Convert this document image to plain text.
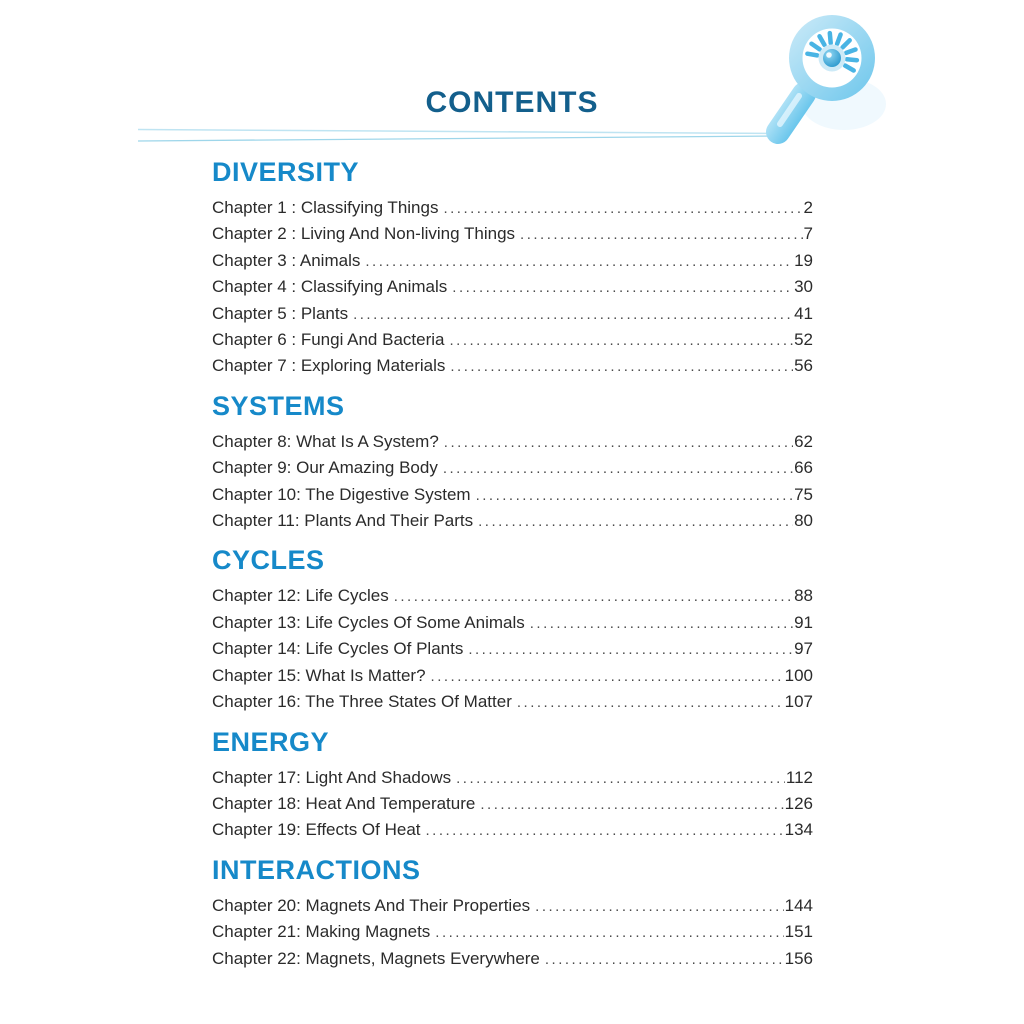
CONTENTS
DIVERSITY
Chapter 1 : Classifying Things .....	2
Chapter 2 : Living And Non-living Things .....	7
Chapter 3 : Animals .....	19
Chapter 4 : Classifying Animals .....	30
Chapter 5 : Plants .....	41
Chapter 6 : Fungi And Bacteria .....	52
Chapter 7 : Exploring Materials .....	56
SYSTEMS
Chapter 8: What Is A System? .....	62
Chapter 9: Our Amazing Body .....	66
Chapter 10: The Digestive System .....	75
Chapter 11: Plants And Their Parts .....	80
CYCLES
Chapter 12: Life Cycles .....	88
Chapter 13: Life Cycles Of Some Animals .....	91
Chapter 14: Life Cycles Of Plants .....	97
Chapter 15: What Is Matter? .....	100
Chapter 16: The Three States Of Matter .....	107
ENERGY
Chapter 17: Light And Shadows .....	112
Chapter 18: Heat And Temperature .....	126
Chapter 19: Effects Of Heat .....	134
INTERACTIONS
Chapter 20: Magnets And Their Properties .....	144
Chapter 21: Making Magnets .....	151
Chapter 22: Magnets, Magnets Everywhere .....	156
